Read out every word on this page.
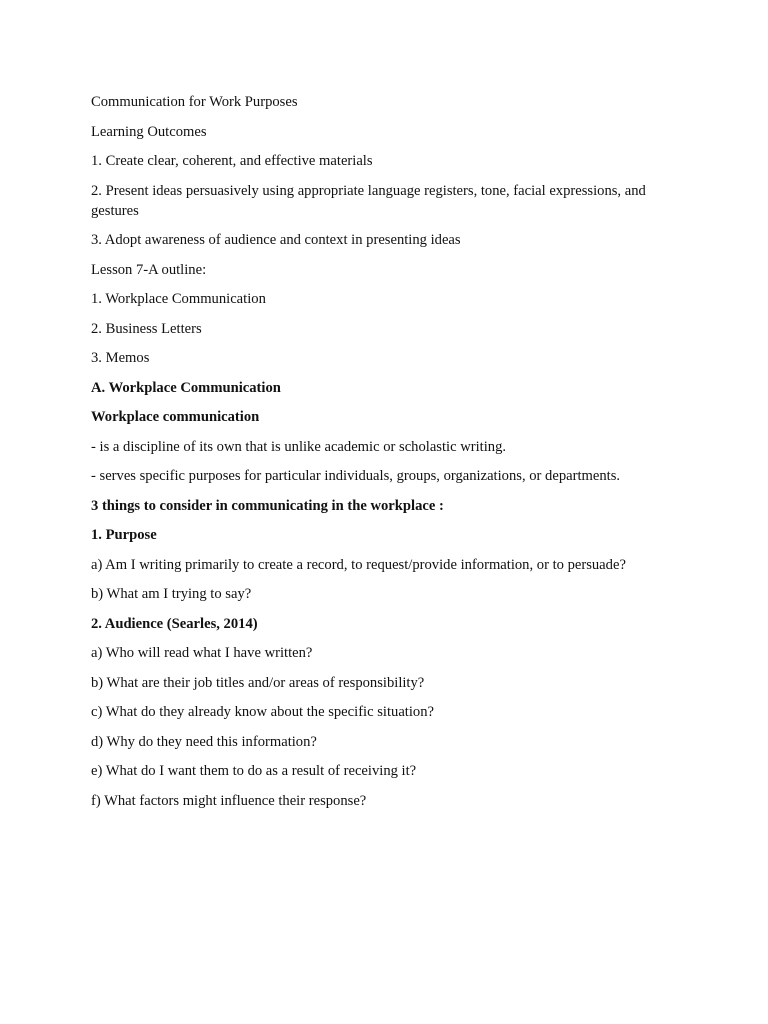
Communication for Work Purposes

Learning Outcomes

1. Create clear, coherent, and effective materials

2. Present ideas persuasively using appropriate language registers, tone, facial expressions, and gestures

3. Adopt awareness of audience and context in presenting ideas

Lesson 7-A outline:

1. Workplace Communication

2. Business Letters

3. Memos

A. Workplace Communication

Workplace communication

- is a discipline of its own that is unlike academic or scholastic writing.

- serves specific purposes for particular individuals, groups, organizations, or departments.

3 things to consider in communicating in the workplace :

1. Purpose

a) Am I writing primarily to create a record, to request/provide information, or to persuade?

b) What am I trying to say?

2. Audience (Searles, 2014)

a) Who will read what I have written?

b) What are their job titles and/or areas of responsibility?

c) What do they already know about the specific situation?

d) Why do they need this information?

e) What do I want them to do as a result of receiving it?

f) What factors might influence their response?
